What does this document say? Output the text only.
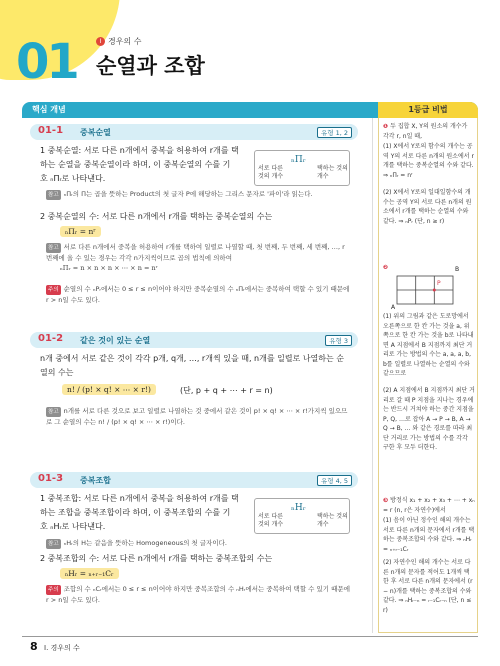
01	I 경우의 수
순열과 조합
핵심 개념	1등급 비법
01-1 중복순열	유형 1, 2
1 중복순열: 서로 다른 n개에서 중복을 허용하여 r개를 택
하는 순열을 중복순열이라 하며, 이 중복순열의 수를 기
호 ₙΠᵣ로 나타낸다.
ₙΠᵣ
서로 다른 것의 개수
택하는 것의 개수
참고 ₙΠᵣ의 Π는 곱을 뜻하는 Product의 첫 글자 P에 해당하는 그리스 문자로 '파이'라 읽는다.
2 중복순열의 수: 서로 다른 n개에서 r개를 택하는 중복순열의 수는
ₙΠᵣ = nʳ
참고 서로 다른 n개에서 중복을 허용하여 r개를 택하여 일렬로 나열할 때, 첫 번째, 두 번째, 세 번째, …, r번째에 올 수 있는 경우는 각각 n가지씩이므로 곱의 법칙에 의하여
ₙΠᵣ = n × n × n × ⋯ × n = nʳ
주의 순열의 수 ₙPᵣ에서는 0 ≤ r ≤ n이어야 하지만 중복순열의 수 ₙΠᵣ에서는 중복하여 택할 수 있기 때문에 r > n일 수도 있다.
01-2 같은 것이 있는 순열	유형 3
n개 중에서 서로 같은 것이 각각 p개, q개, …, r개씩 있을 때, n개를 일렬로 나열하는 순열의 수는
n! / (p! × q! × ⋯ × r!)	(단, p + q + ⋯ + r = n)
참고 n개를 서로 다른 것으로 보고 일렬로 나열하는 것 중에서 같은 것이 p! × q! × ⋯ × r!가지씩 있으므로 그 순열의 수는 n! / (p! × q! × ⋯ × r!)이다.
01-3 중복조합	유형 4, 5
1 중복조합: 서로 다른 n개에서 중복을 허용하여 r개를 택
하는 조합을 중복조합이라 하며, 이 중복조합의 수를 기
호 ₙHᵣ로 나타낸다.
ₙHᵣ
서로 다른 것의 개수
택하는 것의 개수
참고 ₙHᵣ의 H는 같음을 뜻하는 Homogeneous의 첫 글자이다.
2 중복조합의 수: 서로 다른 n개에서 r개를 택하는 중복조합의 수는
ₙHᵣ = ₙ₊ᵣ₋₁Cᵣ
주의 조합의 수 ₙCᵣ에서는 0 ≤ r ≤ n이어야 하지만 중복조합의 수 ₙHᵣ에서는 중복하여 택할 수 있기 때문에 r > n일 수도 있다.
❶ 두 집합 X, Y의 원소의 개수가 각각 r, n일 때,
(1) X에서 Y로의 함수의 개수는 공역 Y의 서로 다른 n개의 원소에서 r개를 택하는 중복순열의 수와 같다. ⇒ ₙΠᵣ = nʳ
(2) X에서 Y로의 일대일함수의 개수는 공역 Y의 서로 다른 n개의 원소에서 r개를 택하는 순열의 수와 같다. ⇒ ₙPᵣ (단, n ≥ r)
❷
A
B
P
(1) 위의 그림과 같은 도로망에서 오른쪽으로 한 칸 가는 것을 a, 위쪽으로 한 칸 가는 것을 b로 나타내면 A 지점에서 B 지점까지 최단 거리로 가는 방법의 수는 a, a, a, b, b를 일렬로 나열하는 순열의 수와 같으므로
(2) A 지점에서 B 지점까지 최단 거리로 갈 때 P 지점을 지나는 경우에는 반드시 거쳐야 하는 중간 지점을 P, Q, …로 잡아 A → P → B, A → Q → B, … 와 같은 경로를 따라 최단 거리로 가는 방법의 수를 각각 구한 후 모두 더한다.
❸ 방정식 x₁ + x₂ + x₃ + ⋯ + xₙ = r (n, r은 자연수)에서
(1) 음이 아닌 정수인 해의 개수는 서로 다른 n개의 문자에서 r개를 택하는 중복조합의 수와 같다. ⇒ ₙHᵣ = ₙ₊ᵣ₋₁Cᵣ
(2) 자연수인 해의 개수는 서로 다른 n개의 문자를 적어도 1개씩 택한 후 서로 다른 n개의 문자에서 (r − n)개를 택하는 중복조합의 수와 같다. ⇒ ₙHᵣ₋ₙ = ᵣ₋₁Cᵣ₋ₙ (단, n ≤ r)
8 I. 경우의 수
